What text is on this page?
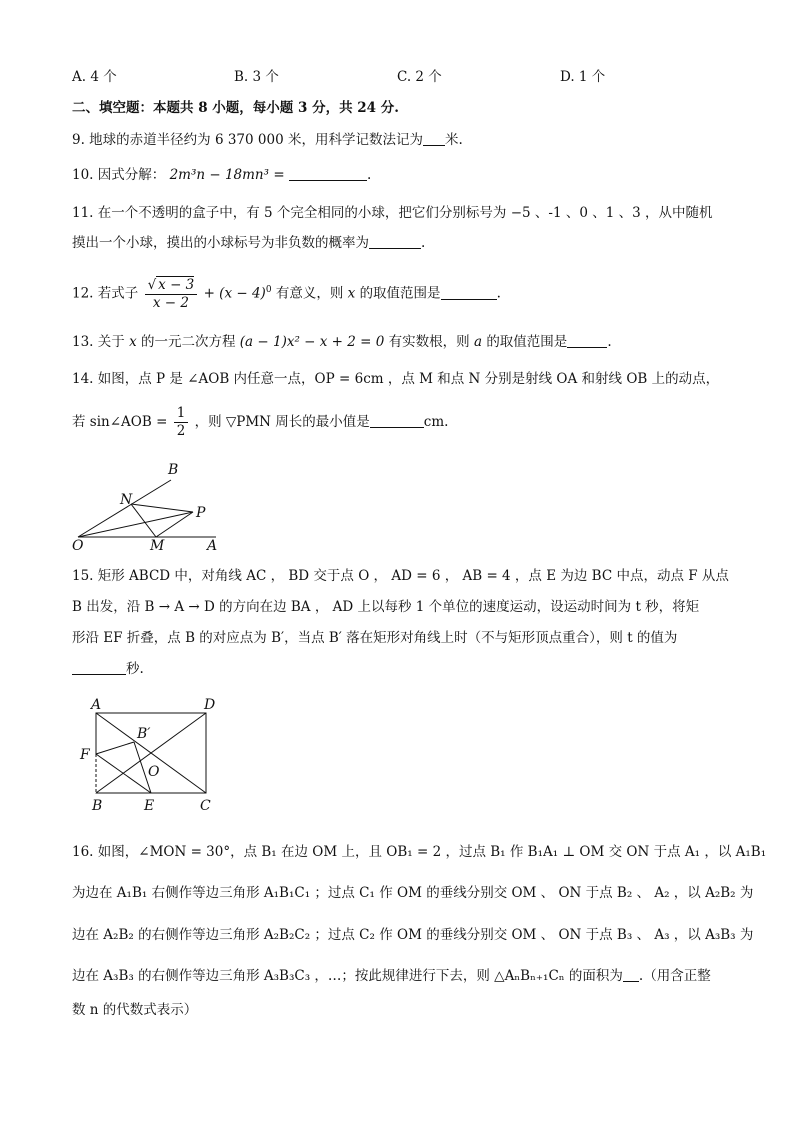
A. 4 个	B. 3 个	C. 2 个	D. 1 个
二、填空题：本题共 8 小题，每小题 3 分，共 24 分.
9. 地球的赤道半径约为 6 370 000 米，用科学记数法记为 米.
10. 因式分解： 2m³n − 18mn³ =	.
11. 在一个不透明的盒子中，有 5 个完全相同的小球，把它们分别标号为 −5 、-1 、0 、1 、3 ，从中随机
摸出一个小球，摸出的小球标号为非负数的概率为	.
12. 若式子 $\frac{√ x - 3}{x - 2} + (x - 4)^0$ 有意义，则 x 的取值范围是	.
13. 关于 x 的一元二次方程 (a − 1)x² − x + 2 = 0 有实数根，则 a 的取值范围是	.
14. 如图，点 P 是 ∠AOB 内任意一点，OP = 6cm ，点 M 和点 N 分别是射线 OA 和射线 OB 上的动点，
若 sin∠AOB = $\frac{1}{2}$ ，则 ▽PMN 周长的最小值是	cm.
B
N
P
O	M	A
15. 矩形 ABCD 中，对角线 AC ， BD 交于点 O ， AD = 6 ， AB = 4 ，点 E 为边 BC 中点，动点 F 从点
B 出发，沿 B → A → D 的方向在边 BA ， AD 上以每秒 1 个单位的速度运动，设运动时间为 t 秒，将矩
形沿 EF 折叠，点 B 的对应点为 B′，当点 B′ 落在矩形对角线上时（不与矩形顶点重合），则 t 的值为
秒.
A	D
B′
F
O
B	E	C
16. 如图，∠MON = 30°，点 B₁ 在边 OM 上，且 OB₁ = 2 ，过点 B₁ 作 B₁A₁ ⊥ OM 交 ON 于点 A₁ ，以 A₁B₁
为边在 A₁B₁ 右侧作等边三角形 A₁B₁C₁ ；过点 C₁ 作 OM 的垂线分别交 OM 、 ON 于点 B₂ 、 A₂ ，以 A₂B₂ 为
边在 A₂B₂ 的右侧作等边三角形 A₂B₂C₂ ；过点 C₂ 作 OM 的垂线分别交 OM 、 ON 于点 B₃ 、 A₃ ，以 A₃B₃ 为
边在 A₃B₃ 的右侧作等边三角形 A₃B₃C₃ ，…；按此规律进行下去，则 △AₙBₙ₊₁Cₙ 的面积为 .（用含正整
数 n 的代数式表示）
